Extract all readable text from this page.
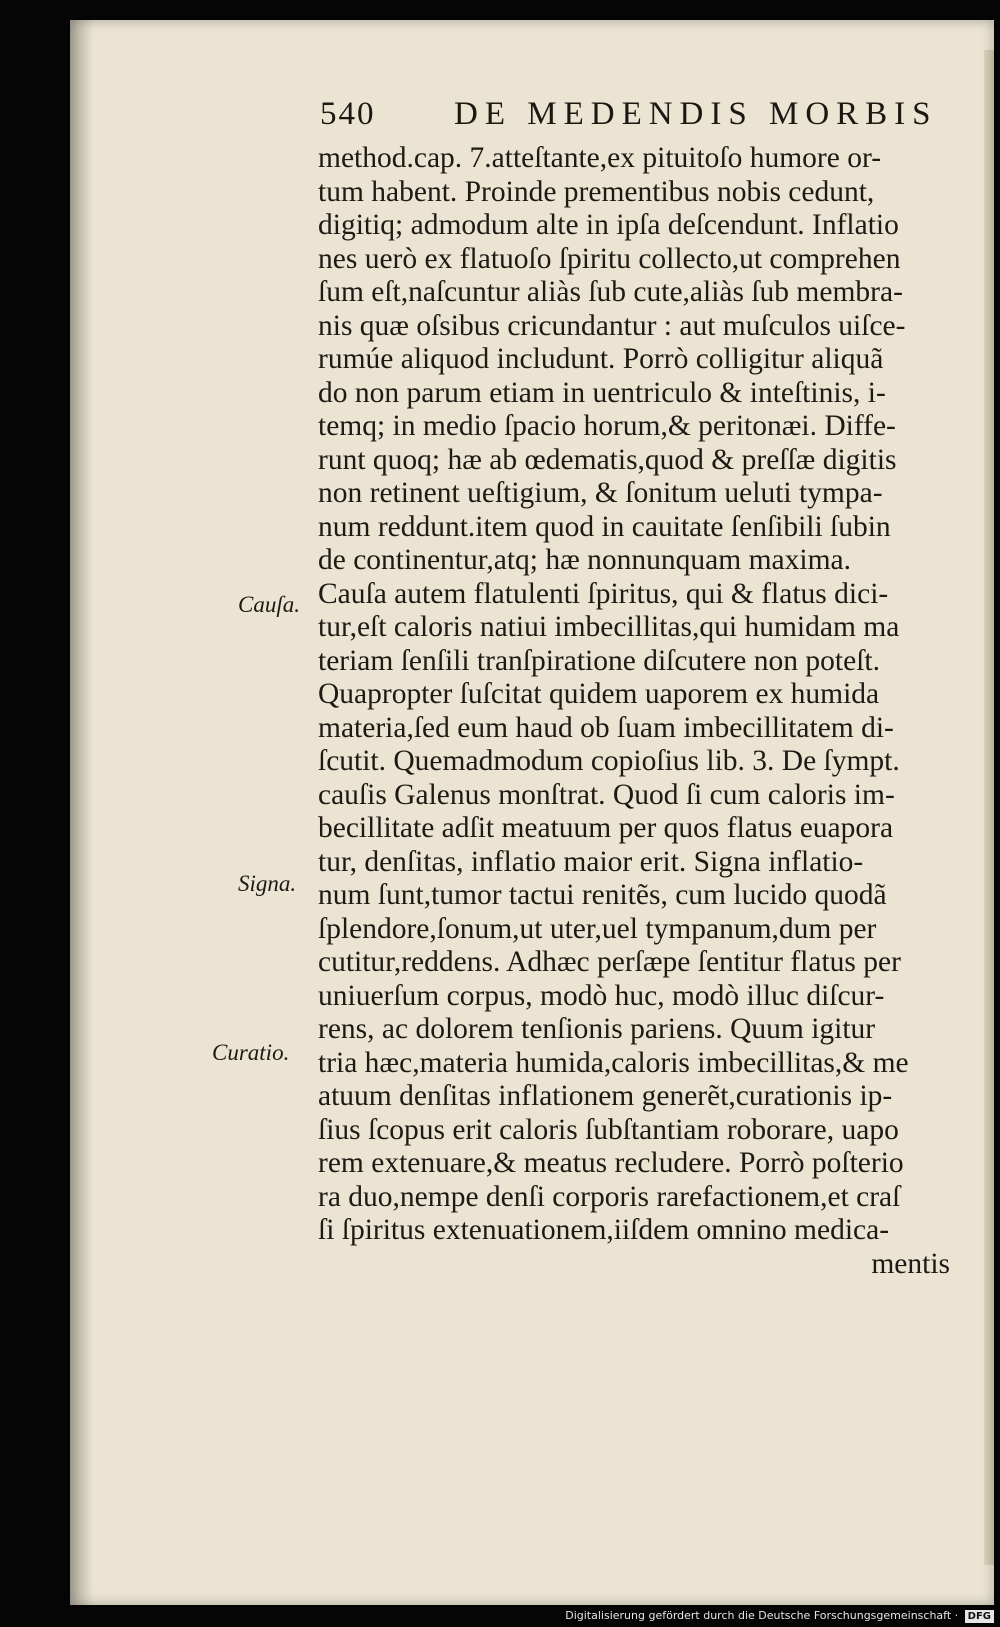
540 DE MEDENDIS MORBIS
method.cap. 7.atteſtante,ex pituitoſo humore or-
tum habent. Proinde prementibus nobis cedunt,
digitiq; admodum alte in ipſa deſcendunt. Inflatio
nes uerò ex flatuoſo ſpiritu collecto,ut comprehen
ſum eſt,naſcuntur aliàs ſub cute,aliàs ſub membra-
nis quæ oſsibus cricundantur : aut muſculos uiſce-
rumúe aliquod includunt. Porrò colligitur aliquã
do non parum etiam in uentriculo & inteſtinis, i-
temq; in medio ſpacio horum,& peritonæi. Diffe-
runt quoq; hæ ab œdematis,quod & preſſæ digitis
non retinent ueſtigium, & ſonitum ueluti tympa-
num reddunt.item quod in cauitate ſenſibili ſubin
de continentur,atq; hæ nonnunquam maxima.
Cauſa autem flatulenti ſpiritus, qui & flatus dici-
tur,eſt caloris natiui imbecillitas,qui humidam ma
teriam ſenſili tranſpiratione diſcutere non poteſt.
Quapropter ſuſcitat quidem uaporem ex humida
materia,ſed eum haud ob ſuam imbecillitatem di-
ſcutit. Quemadmodum copioſius lib. 3. De ſympt.
cauſis Galenus monſtrat. Quod ſi cum caloris im-
becillitate adſit meatuum per quos flatus euapora
tur, denſitas, inflatio maior erit. Signa inflatio-
num ſunt,tumor tactui renitẽs, cum lucido quodã
ſplendore,ſonum,ut uter,uel tympanum,dum per
cutitur,reddens. Adhæc perſæpe ſentitur flatus per
uniuerſum corpus, modò huc, modò illuc diſcur-
rens, ac dolorem tenſionis pariens. Quum igitur
tria hæc,materia humida,caloris imbecillitas,& me
atuum denſitas inflationem generẽt,curationis ip-
ſius ſcopus erit caloris ſubſtantiam roborare, uapo
rem extenuare,& meatus recludere. Porrò poſterio
ra duo,nempe denſi corporis rarefactionem,et craſ
ſi ſpiritus extenuationem,iiſdem omnino medica-
mentis
Cauſa.
Signa.
Curatio.
Digitalisierung gefördert durch die Deutsche Forschungsgemeinschaft · DFG
